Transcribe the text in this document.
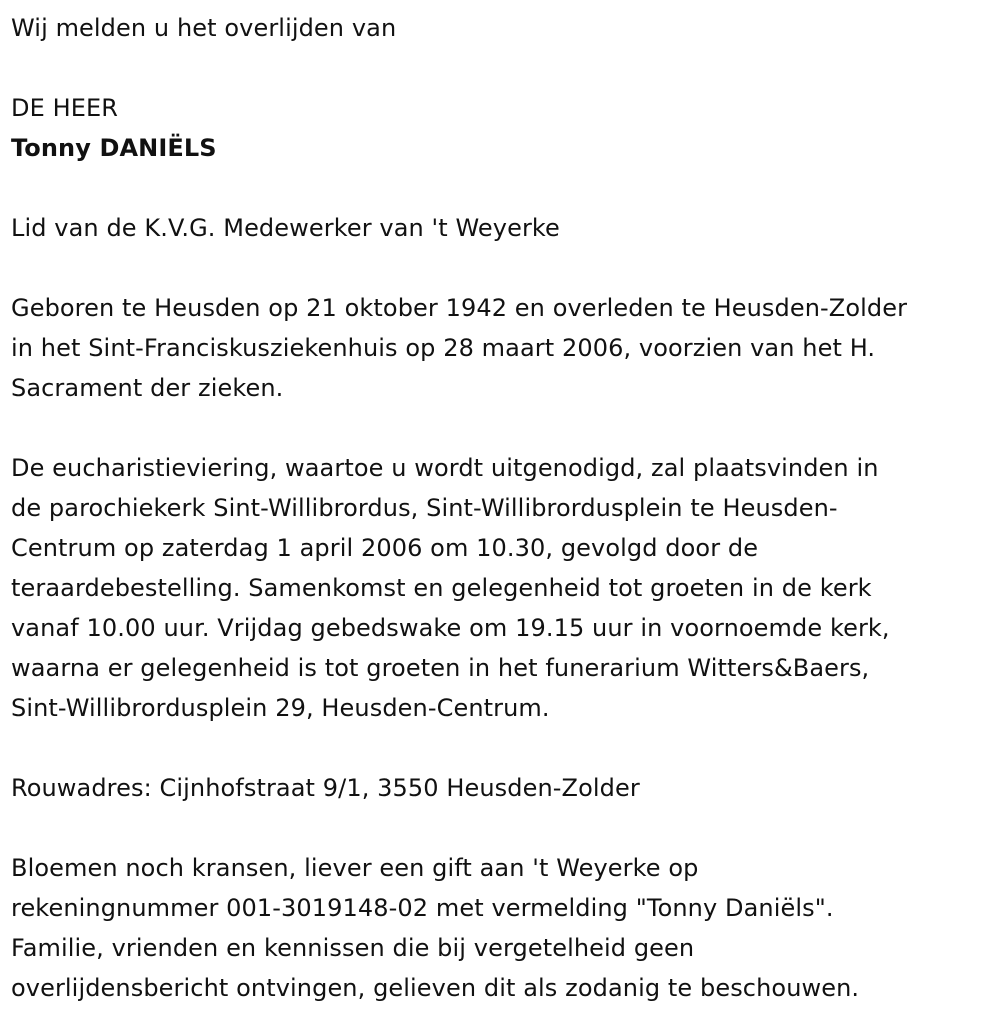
Wij melden u het overlijden van

DE HEER

Tonny DANIËLS

Lid van de K.V.G. Medewerker van 't Weyerke

Geboren te Heusden op 21 oktober 1942 en overleden te Heusden-Zolder
in het Sint-Franciskusziekenhuis op 28 maart 2006, voorzien van het H.
Sacrament der zieken.

De eucharistieviering, waartoe u wordt uitgenodigd, zal plaatsvinden in
de parochiekerk Sint-Willibrordus, Sint-Willibrordusplein te Heusden-
Centrum op zaterdag 1 april 2006 om 10.30, gevolgd door de
teraardebestelling. Samenkomst en gelegenheid tot groeten in de kerk
vanaf 10.00 uur. Vrijdag gebedswake om 19.15 uur in voornoemde kerk,
waarna er gelegenheid is tot groeten in het funerarium Witters&Baers,
Sint-Willibrordusplein 29, Heusden-Centrum.

Rouwadres: Cijnhofstraat 9/1, 3550 Heusden-Zolder

Bloemen noch kransen, liever een gift aan 't Weyerke op
rekeningnummer 001-3019148-02 met vermelding "Tonny Daniëls".
Familie, vrienden en kennissen die bij vergetelheid geen
overlijdensbericht ontvingen, gelieven dit als zodanig te beschouwen.
